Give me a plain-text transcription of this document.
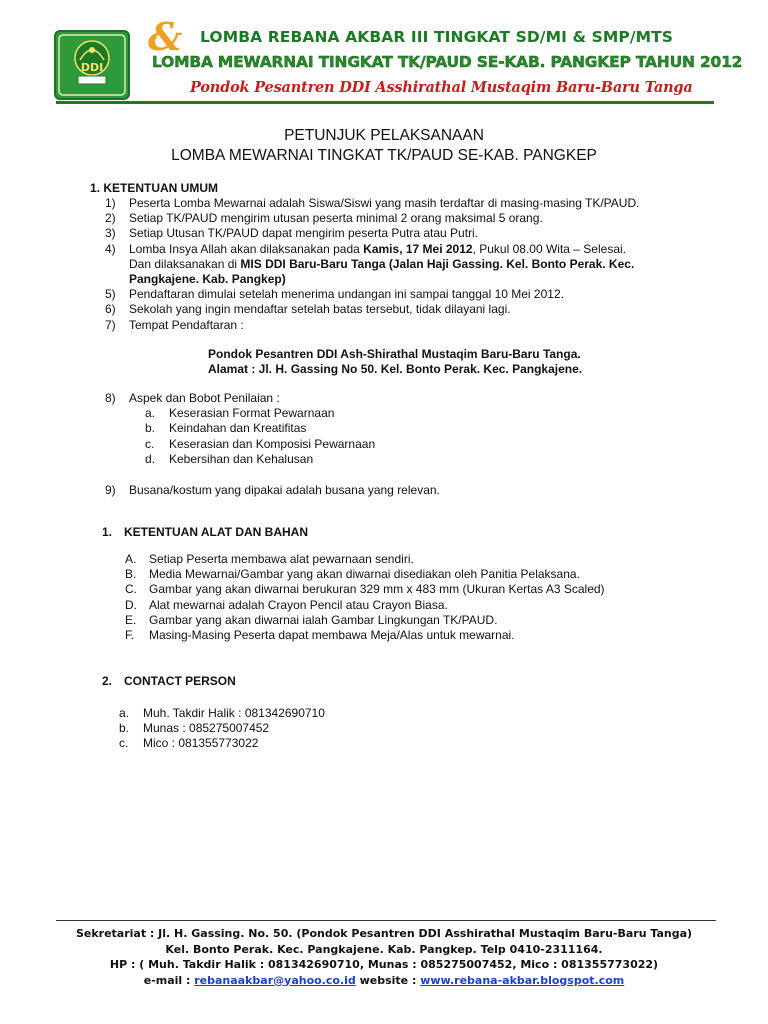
DDI
& LOMBA REBANA AKBAR III TINGKAT SD/MI & SMP/MTS
LOMBA MEWARNAI TINGKAT TK/PAUD SE-KAB. PANGKEP TAHUN 2012
Pondok Pesantren DDI Asshirathal Mustaqim Baru-Baru Tanga
PETUNJUK PELAKSANAAN
LOMBA MEWARNAI TINGKAT TK/PAUD SE-KAB. PANGKEP
1. KETENTUAN UMUM
1) Peserta Lomba Mewarnai adalah Siswa/Siswi yang masih terdaftar di masing-masing TK/PAUD.
2) Setiap TK/PAUD mengirim utusan peserta minimal 2 orang maksimal 5 orang.
3) Setiap Utusan TK/PAUD dapat mengirim peserta Putra atau Putri.
4) Lomba Insya Allah akan dilaksanakan pada Kamis, 17 Mei 2012, Pukul 08.00 Wita – Selesai.
Dan dilaksanakan di MIS DDI Baru-Baru Tanga (Jalan Haji Gassing. Kel. Bonto Perak. Kec.
Pangkajene. Kab. Pangkep)
5) Pendaftaran dimulai setelah menerima undangan ini sampai tanggal 10 Mei 2012.
6) Sekolah yang ingin mendaftar setelah batas tersebut, tidak dilayani lagi.
7) Tempat Pendaftaran :
Pondok Pesantren DDI Ash-Shirathal Mustaqim Baru-Baru Tanga.
Alamat : Jl. H. Gassing No 50. Kel. Bonto Perak. Kec. Pangkajene.
8) Aspek dan Bobot Penilaian :
a. Keserasian Format Pewarnaan
b. Keindahan dan Kreatifitas
c. Keserasian dan Komposisi Pewarnaan
d. Kebersihan dan Kehalusan
9) Busana/kostum yang dipakai adalah busana yang relevan.
1. KETENTUAN ALAT DAN BAHAN
A. Setiap Peserta membawa alat pewarnaan sendiri.
B. Media Mewarnai/Gambar yang akan diwarnai disediakan oleh Panitia Pelaksana.
C. Gambar yang akan diwarnai berukuran 329 mm x 483 mm (Ukuran Kertas A3 Scaled)
D. Alat mewarnai adalah Crayon Pencil atau Crayon Biasa.
E. Gambar yang akan diwarnai ialah Gambar Lingkungan TK/PAUD.
F. Masing-Masing Peserta dapat membawa Meja/Alas untuk mewarnai.
2. CONTACT PERSON
a. Muh. Takdir Halik : 081342690710
b. Munas : 085275007452
c. Mico : 081355773022
Sekretariat : Jl. H. Gassing. No. 50. (Pondok Pesantren DDI Asshirathal Mustaqim Baru-Baru Tanga)
Kel. Bonto Perak. Kec. Pangkajene. Kab. Pangkep. Telp 0410-2311164.
HP : ( Muh. Takdir Halik : 081342690710, Munas : 085275007452, Mico : 081355773022)
e-mail : rebanaakbar@yahoo.co.id website : www.rebana-akbar.blogspot.com
